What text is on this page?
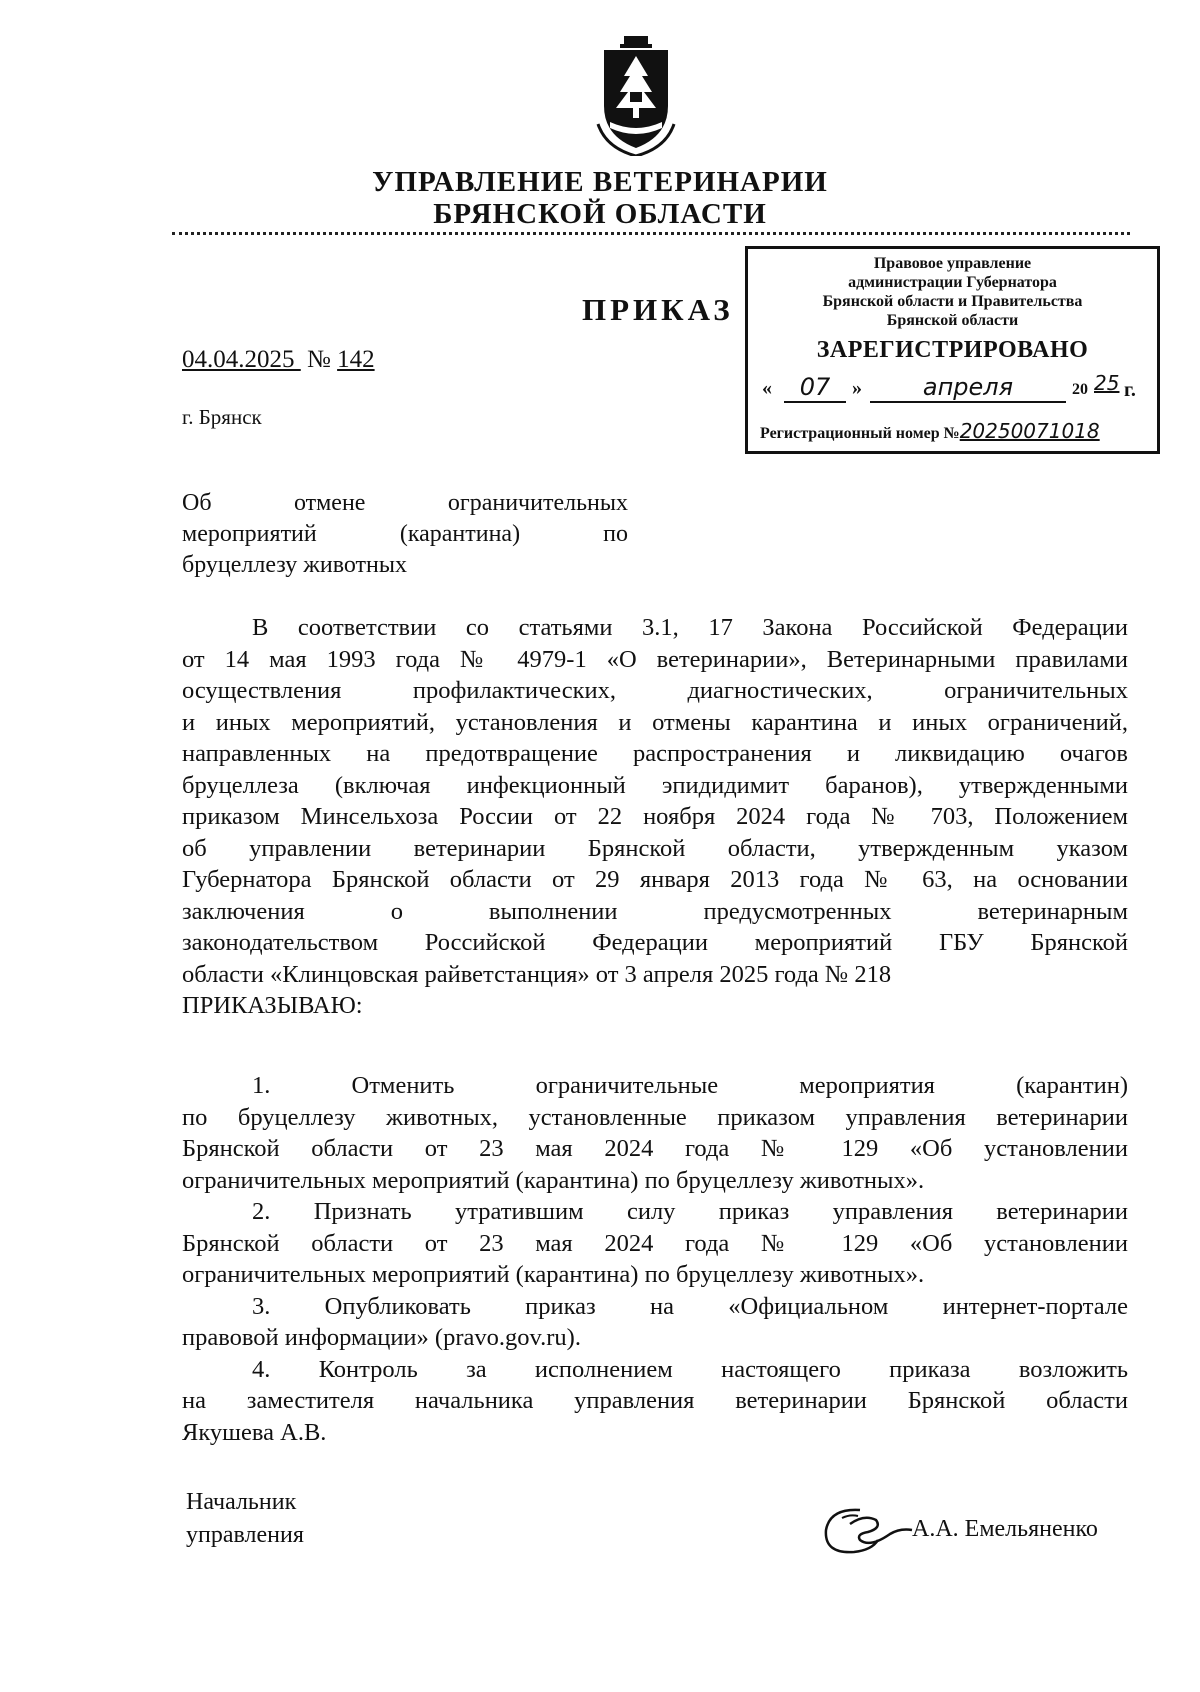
УПРАВЛЕНИЕ ВЕТЕРИНАРИИ
БРЯНСКОЙ ОБЛАСТИ
ПРИКАЗ
04.04.2025 № 142
г. Брянск
Правовое управление
администрации Губернатора
Брянской области и Правительства
Брянской области
ЗАРЕГИСТРИРОВАНО
«	07	»	апреля	20 25 г.
Регистрационный номер №20250071018
Об отмене ограничительных
мероприятий (карантина) по
бруцеллезу животных
В соответствии со статьями 3.1, 17 Закона Российской Федерации
от 14 мая 1993 года № 4979-1 «О ветеринарии», Ветеринарными правилами
осуществления профилактических, диагностических, ограничительных
и иных мероприятий, установления и отмены карантина и иных ограничений,
направленных на предотвращение распространения и ликвидацию очагов
бруцеллеза (включая инфекционный эпидидимит баранов), утвержденными
приказом Минсельхоза России от 22 ноября 2024 года № 703, Положением
об управлении ветеринарии Брянской области, утвержденным указом
Губернатора Брянской области от 29 января 2013 года № 63, на основании
заключения о выполнении предусмотренных ветеринарным
законодательством Российской Федерации мероприятий ГБУ Брянской
области «Клинцовская райветстанция» от 3 апреля 2025 года № 218
ПРИКАЗЫВАЮ:
1. Отменить ограничительные мероприятия (карантин)
по бруцеллезу животных, установленные приказом управления ветеринарии
Брянской области от 23 мая 2024 года № 129 «Об установлении
ограничительных мероприятий (карантина) по бруцеллезу животных».
2. Признать утратившим силу приказ управления ветеринарии
Брянской области от 23 мая 2024 года № 129 «Об установлении
ограничительных мероприятий (карантина) по бруцеллезу животных».
3. Опубликовать приказ на «Официальном интернет-портале
правовой информации» (pravo.gov.ru).
4. Контроль за исполнением настоящего приказа возложить
на заместителя начальника управления ветеринарии Брянской области
Якушева А.В.
Начальник
управления	А.А. Емельяненко
